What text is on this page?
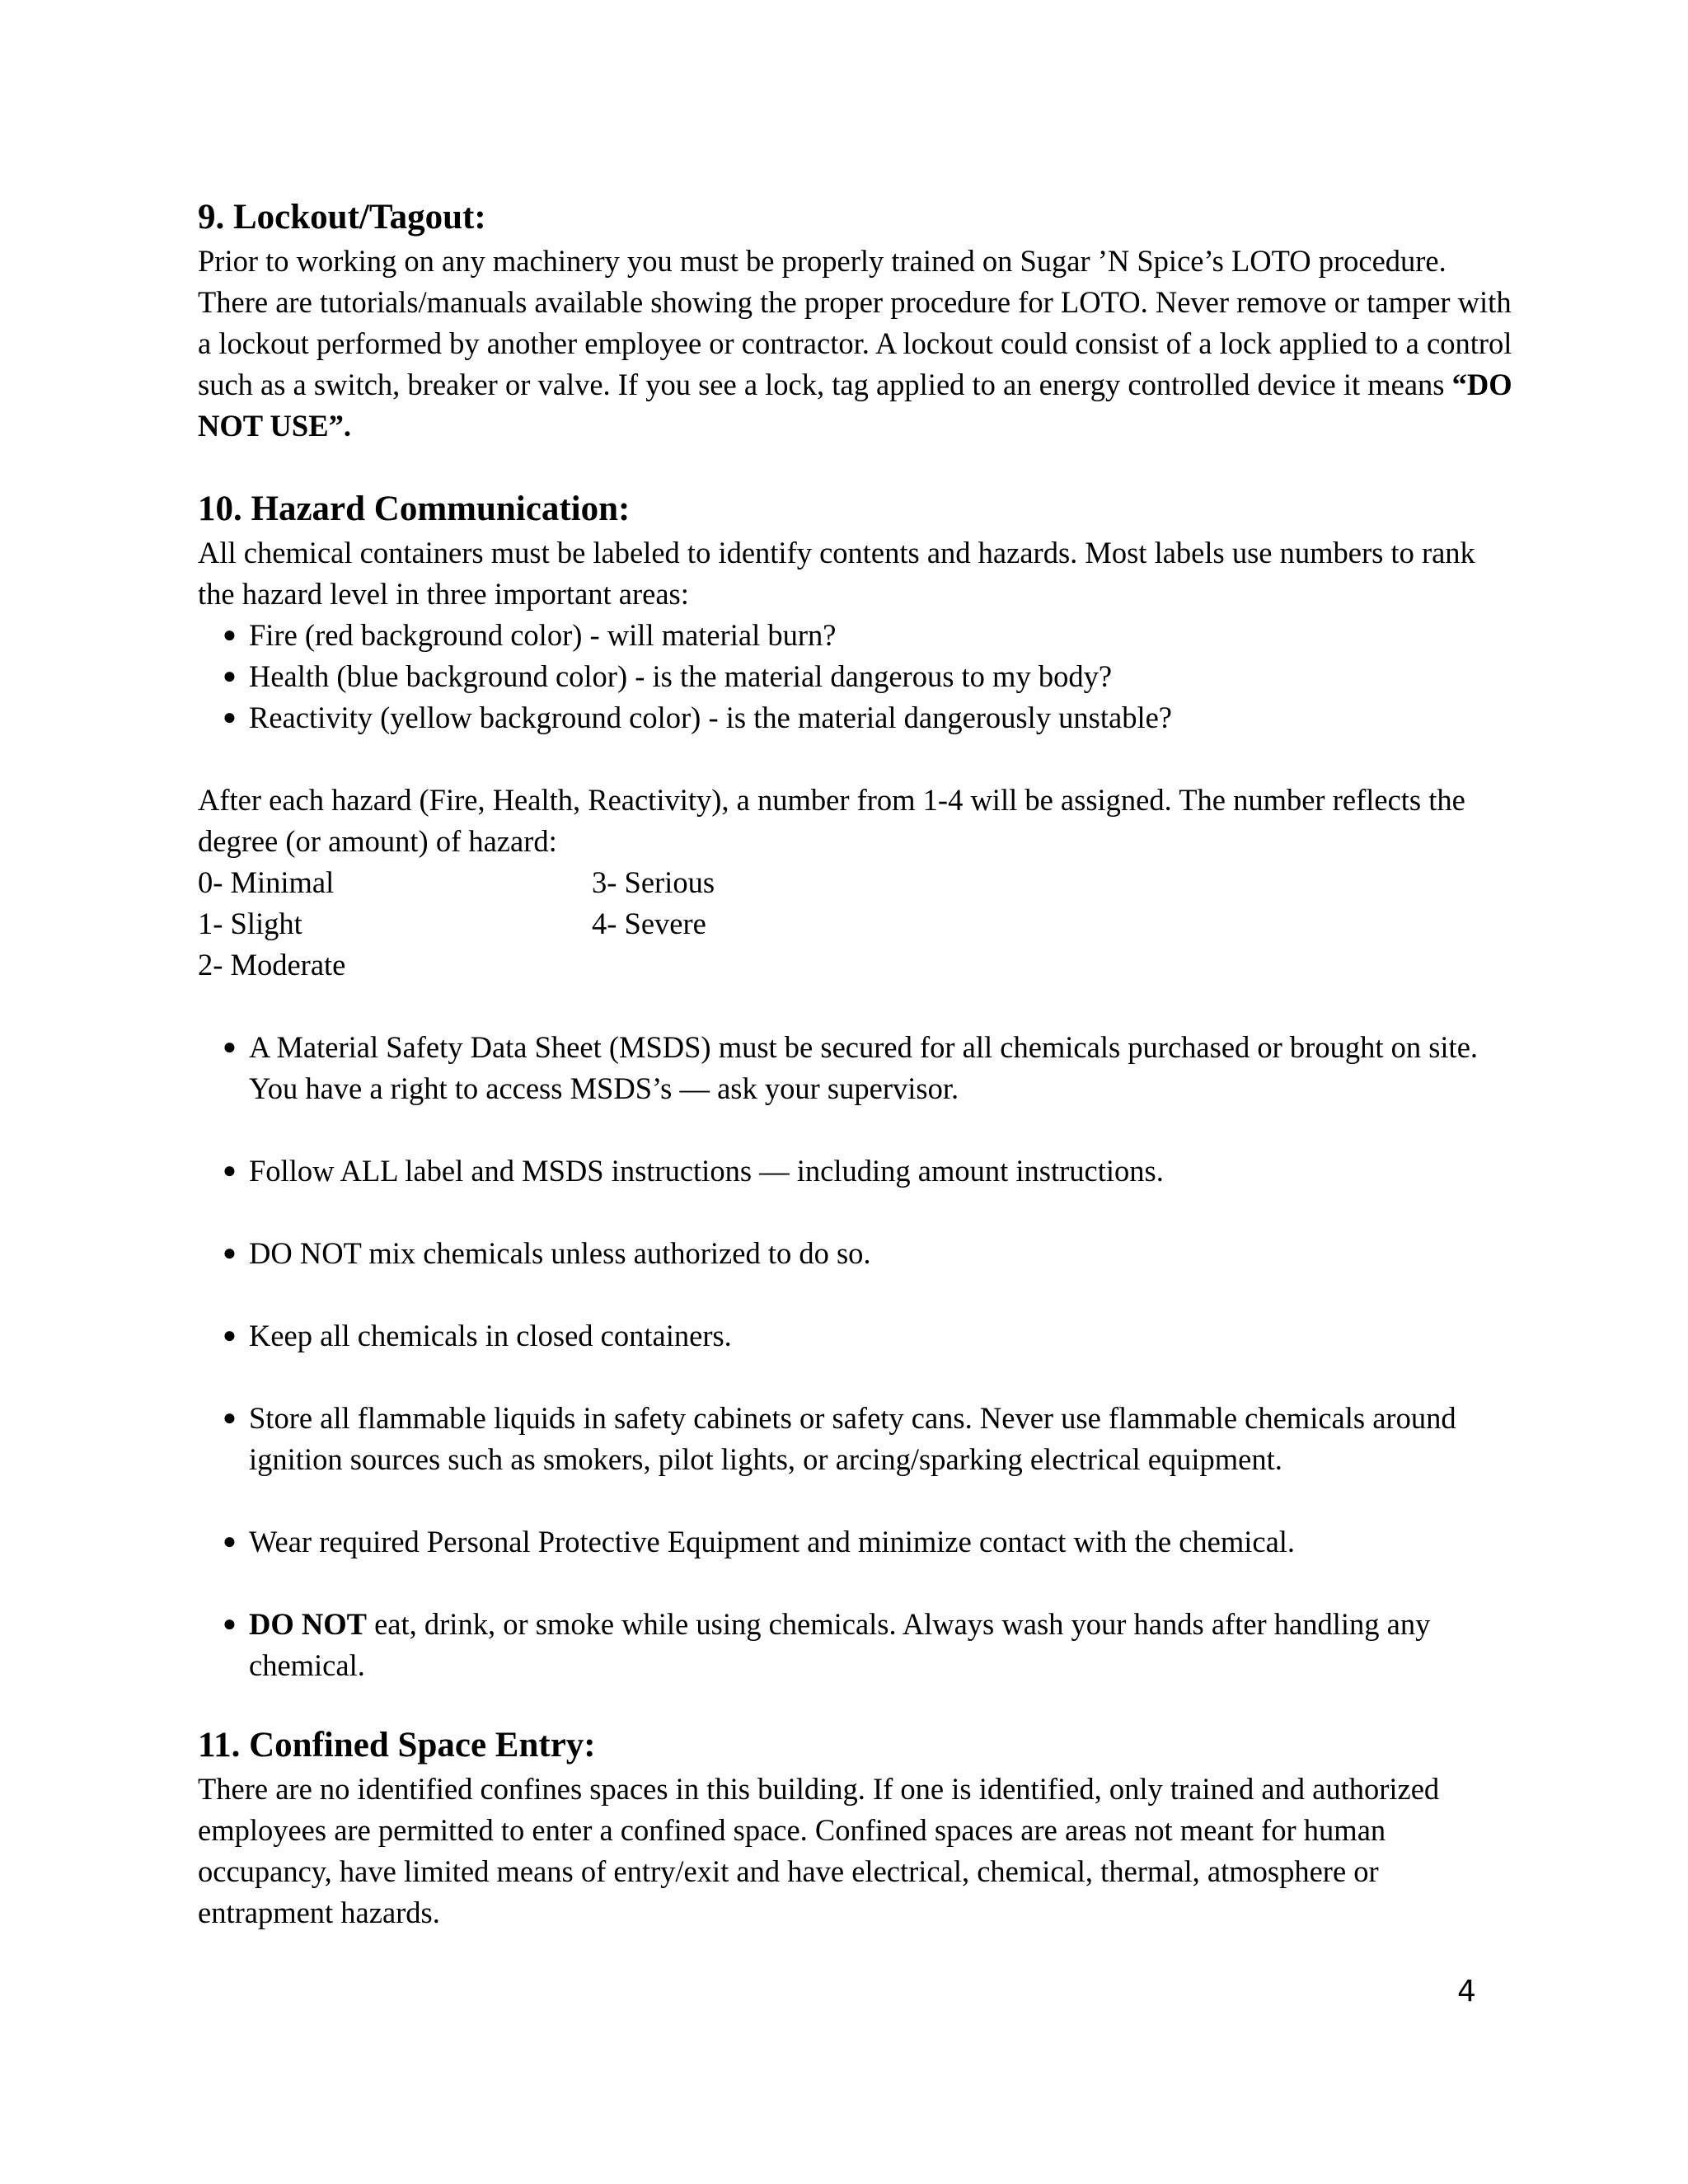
9. Lockout/Tagout:

Prior to working on any machinery you must be properly trained on Sugar ’N Spice’s LOTO procedure. There are tutorials/manuals available showing the proper procedure for LOTO. Never remove or tamper with a lockout performed by another employee or contractor. A lockout could consist of a lock applied to a control such as a switch, breaker or valve. If you see a lock, tag applied to an energy controlled device it means “DO NOT USE”.

10. Hazard Communication:

All chemical containers must be labeled to identify contents and hazards. Most labels use numbers to rank the hazard level in three important areas:

● Fire (red background color) - will material burn?
● Health (blue background color) - is the material dangerous to my body?
● Reactivity (yellow background color) - is the material dangerously unstable?

After each hazard (Fire, Health, Reactivity), a number from 1-4 will be assigned. The number reflects the degree (or amount) of hazard:

0- Minimal	3- Serious
1- Slight	4- Severe
2- Moderate
● A Material Safety Data Sheet (MSDS) must be secured for all chemicals purchased or brought on site. You have a right to access MSDS’s — ask your supervisor.
● Follow ALL label and MSDS instructions — including amount instructions.
● DO NOT mix chemicals unless authorized to do so.
● Keep all chemicals in closed containers.
● Store all flammable liquids in safety cabinets or safety cans. Never use flammable chemicals around ignition sources such as smokers, pilot lights, or arcing/sparking electrical equipment.
● Wear required Personal Protective Equipment and minimize contact with the chemical.
● DO NOT eat, drink, or smoke while using chemicals. Always wash your hands after handling any chemical.
11. Confined Space Entry:

There are no identified confines spaces in this building. If one is identified, only trained and authorized employees are permitted to enter a confined space. Confined spaces are areas not meant for human occupancy, have limited means of entry/exit and have electrical, chemical, thermal, atmosphere or entrapment hazards.

4
